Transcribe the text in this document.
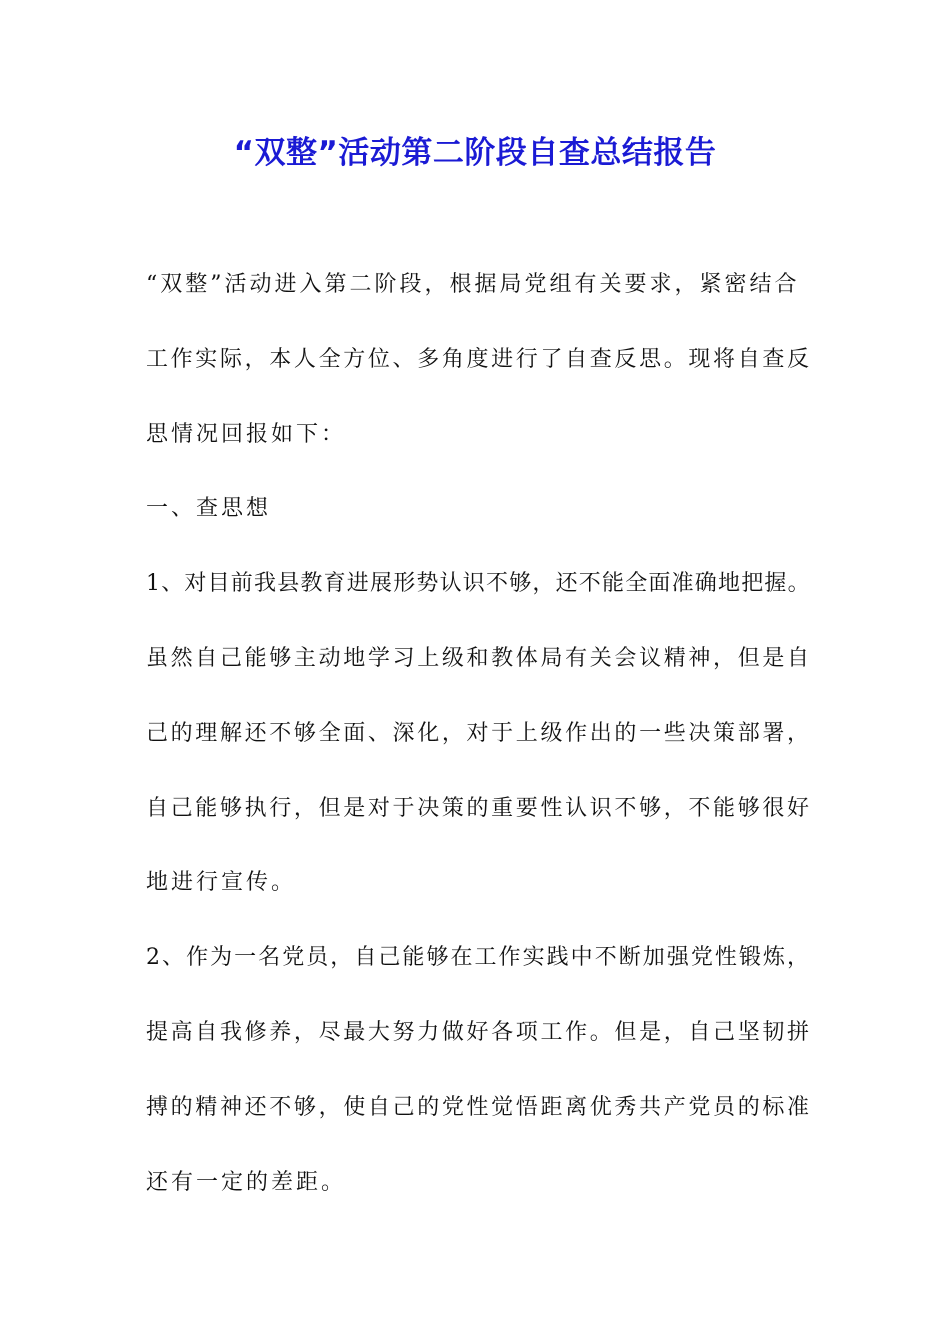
“双整”活动第二阶段自查总结报告

“双整”活动进入第二阶段，根据局党组有关要求，紧密结合

工作实际，本人全方位、多角度进行了自查反思。现将自查反

思情况回报如下：

一、查思想

1、对目前我县教育进展形势认识不够，还不能全面准确地把握。

虽然自己能够主动地学习上级和教体局有关会议精神，但是自

己的理解还不够全面、深化，对于上级作出的一些决策部署，

自己能够执行，但是对于决策的重要性认识不够，不能够很好

地进行宣传。

2、作为一名党员，自己能够在工作实践中不断加强党性锻炼，

提高自我修养，尽最大努力做好各项工作。但是，自己坚韧拼

搏的精神还不够，使自己的党性觉悟距离优秀共产党员的标准

还有一定的差距。
